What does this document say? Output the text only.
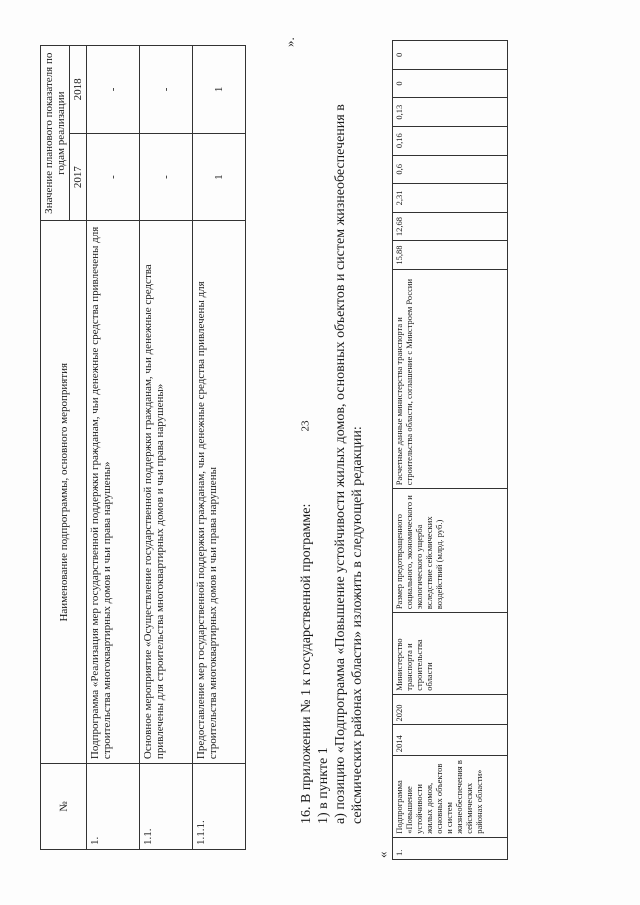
№	Наименование подпрограммы, основного мероприятия	Значение планового показателя по годам реализации	
		2017	2018
1.	Подпрограмма «Реализация мер государственной поддержки гражданам, чьи денежные средства привлечены для строительства многоквартирных домов и чьи права нарушены»	-	-
1.1.	Основное мероприятие «Осуществление государственной поддержки гражданам, чьи денежные средства привлечены для строительства многоквартирных домов и чьи права нарушены»	-	-
1.1.1.	Предоставление мер государственной поддержки гражданам, чьи денежные средства привлечены для строительства многоквартирных домов и чьи права нарушены	1	1
».

16. В приложении № 1 к государственной программе: 1) в пункте 1 а) позицию «Подпрограмма «Повышение устойчивости жилых домов, основных объектов и систем жизнеобеспечения в сейсмических районах области» изложить в следующей редакции:

« 1.	Подпрограмма «Повышение устойчивости жилых домов, основных объектов и систем жизнеобеспечения в сейсмических районах области»	2014	2020	Министерство транспорта и строительства области	Размер предотвращенного социального, экономического и экологического ущерба вследствие сейсмических воздействий (млрд. руб.)	Расчетные данные министерства транспорта и строительства области, соглашение с Минстроем России	15,88	12,68	2,31	0,6	0,16	0,13	0	0
23
